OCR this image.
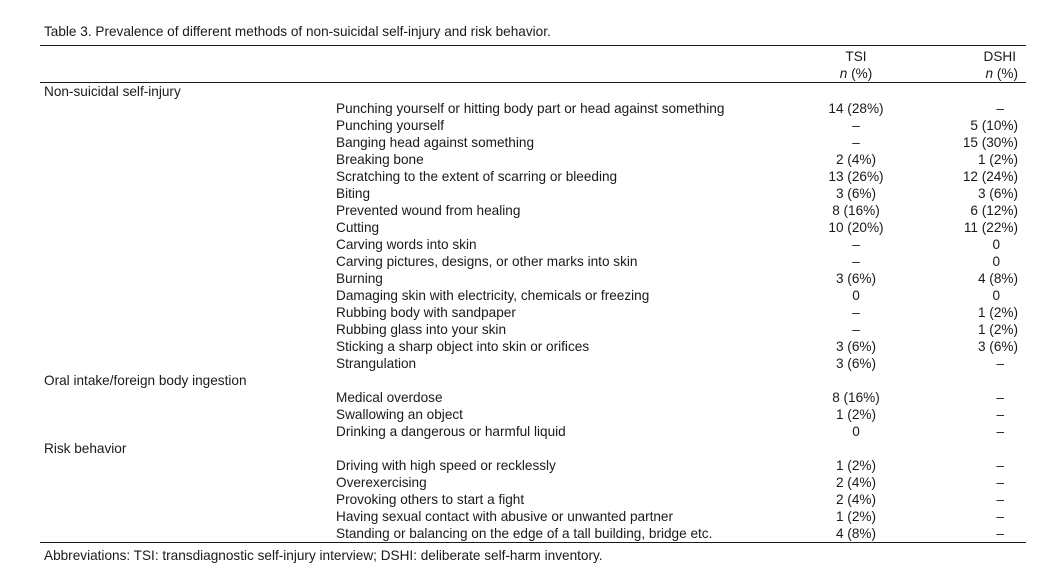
Table 3. Prevalence of different methods of non-suicidal self-injury and risk behavior.
		TSI	DSHI
		n (%)	n (%)
Non-suicidal self-injury			
	Punching yourself or hitting body part or head against something	14 (28%)	–
	Punching yourself	–	5 (10%)
	Banging head against something	–	15 (30%)
	Breaking bone	2 (4%)	1 (2%)
	Scratching to the extent of scarring or bleeding	13 (26%)	12 (24%)
	Biting	3 (6%)	3 (6%)
	Prevented wound from healing	8 (16%)	6 (12%)
	Cutting	10 (20%)	11 (22%)
	Carving words into skin	–	0
	Carving pictures, designs, or other marks into skin	–	0
	Burning	3 (6%)	4 (8%)
	Damaging skin with electricity, chemicals or freezing	0	0
	Rubbing body with sandpaper	–	1 (2%)
	Rubbing glass into your skin	–	1 (2%)
	Sticking a sharp object into skin or orifices	3 (6%)	3 (6%)
	Strangulation	3 (6%)	–
Oral intake/foreign body ingestion			
	Medical overdose	8 (16%)	–
	Swallowing an object	1 (2%)	–
	Drinking a dangerous or harmful liquid	0	–
Risk behavior			
	Driving with high speed or recklessly	1 (2%)	–
	Overexercising	2 (4%)	–
	Provoking others to start a fight	2 (4%)	–
	Having sexual contact with abusive or unwanted partner	1 (2%)	–
	Standing or balancing on the edge of a tall building, bridge etc.	4 (8%)	–
Abbreviations: TSI: transdiagnostic self-injury interview; DSHI: deliberate self-harm inventory.
